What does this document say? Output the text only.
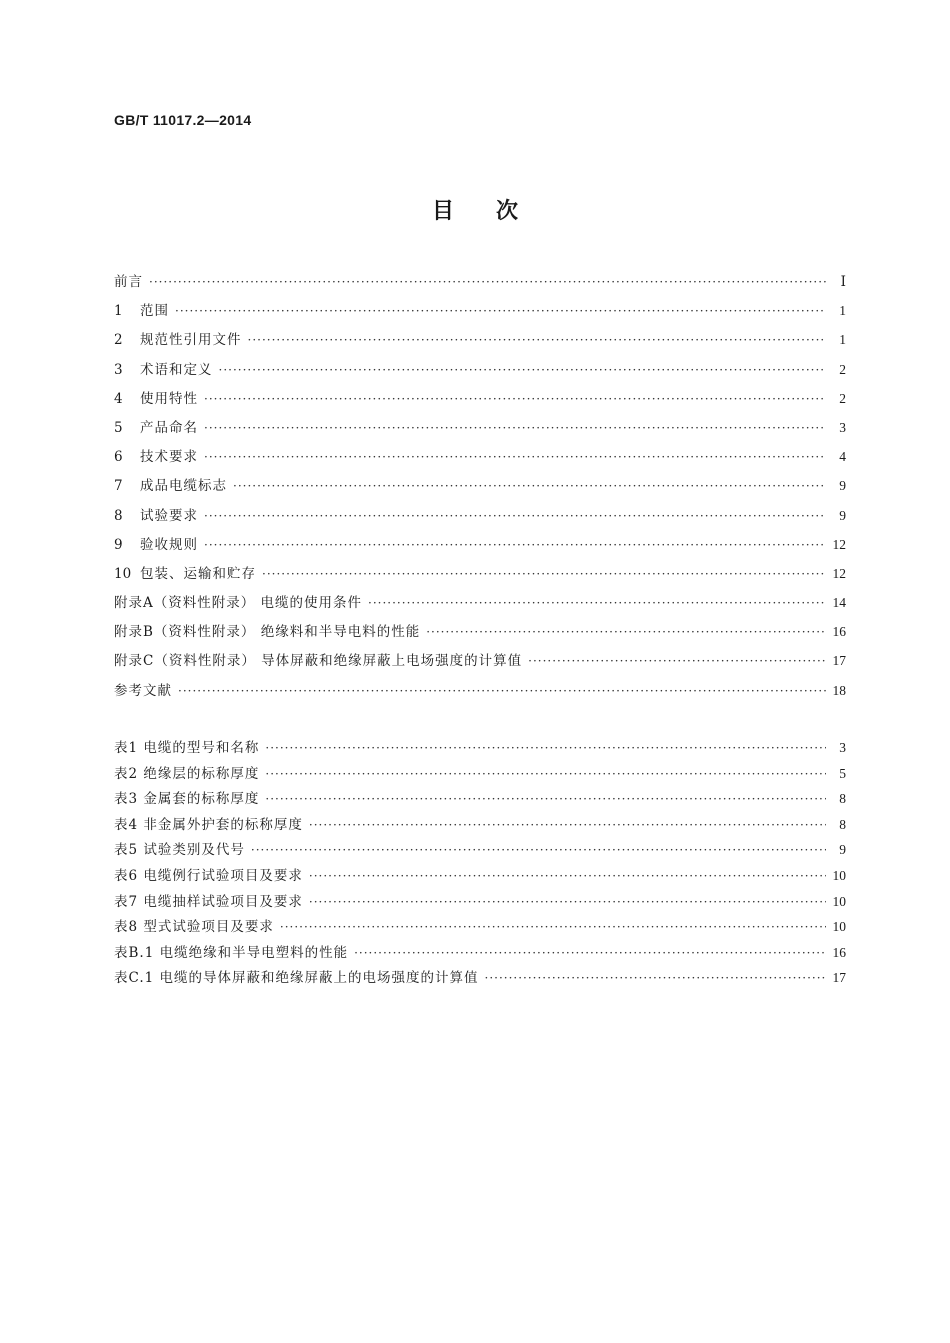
GB/T 11017.2—2014
目次
前言 ·····	Ⅰ
1	范围 ·····	1
2	规范性引用文件 ·····	1
3	术语和定义 ·····	2
4	使用特性 ·····	2
5	产品命名 ·····	3
6	技术要求 ·····	4
7	成品电缆标志 ·····	9
8	试验要求 ·····	9
9	验收规则 ·····	12
10 包装、运输和贮存 ·····	12
附录A（资料性附录） 电缆的使用条件 ·····	14
附录B（资料性附录） 绝缘料和半导电料的性能 ·····	16
附录C（资料性附录） 导体屏蔽和绝缘屏蔽上电场强度的计算值 ·····	17
参考文献 ·····	18
表1 电缆的型号和名称 ·····	3
表2 绝缘层的标称厚度 ·····	5
表3 金属套的标称厚度 ·····	8
表4 非金属外护套的标称厚度 ·····	8
表5 试验类别及代号 ·····	9
表6 电缆例行试验项目及要求 ·····	10
表7 电缆抽样试验项目及要求 ·····	10
表8 型式试验项目及要求 ·····	10
表B.1 电缆绝缘和半导电塑料的性能 ·····	16
表C.1 电缆的导体屏蔽和绝缘屏蔽上的电场强度的计算值 ·····	17
